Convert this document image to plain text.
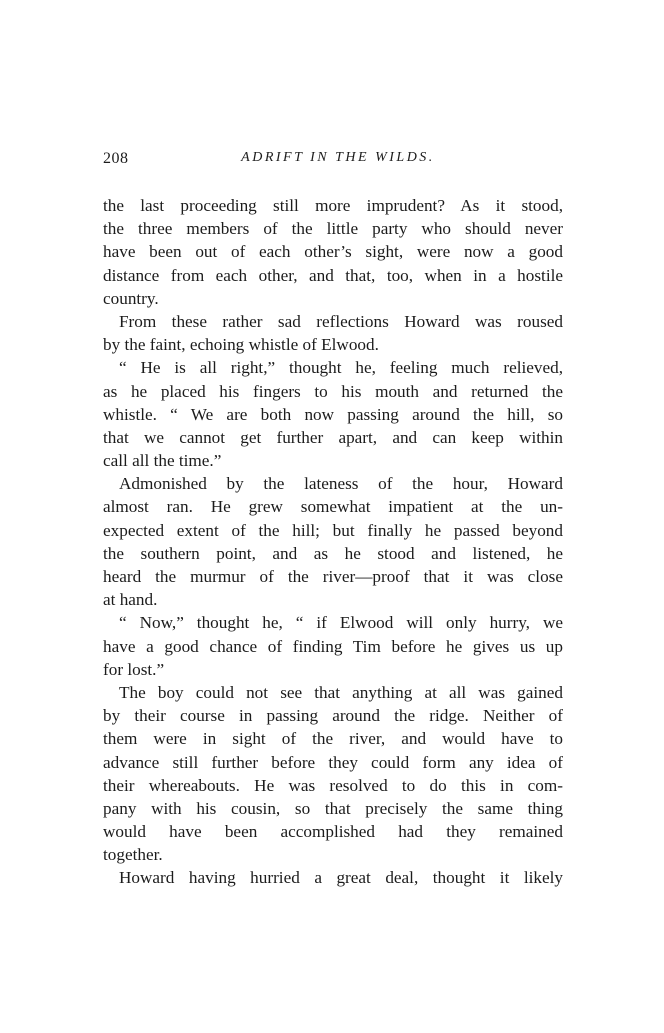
208	ADRIFT IN THE WILDS.
the last proceeding still more imprudent? As it stood,
the three members of the little party who should never
have been out of each other’s sight, were now a good
distance from each other, and that, too, when in a hostile
country.
From these rather sad reflections Howard was roused
by the faint, echoing whistle of Elwood.
“ He is all right,” thought he, feeling much relieved,
as he placed his fingers to his mouth and returned the
whistle. “ We are both now passing around the hill, so
that we cannot get further apart, and can keep within
call all the time.”
Admonished by the lateness of the hour, Howard
almost ran. He grew somewhat impatient at the un-
expected extent of the hill; but finally he passed beyond
the southern point, and as he stood and listened, he
heard the murmur of the river—proof that it was close
at hand.
“ Now,” thought he, “ if Elwood will only hurry, we
have a good chance of finding Tim before he gives us up
for lost.”
The boy could not see that anything at all was gained
by their course in passing around the ridge. Neither of
them were in sight of the river, and would have to
advance still further before they could form any idea of
their whereabouts. He was resolved to do this in com-
pany with his cousin, so that precisely the same thing
would have been accomplished had they remained
together.
Howard having hurried a great deal, thought it likely
